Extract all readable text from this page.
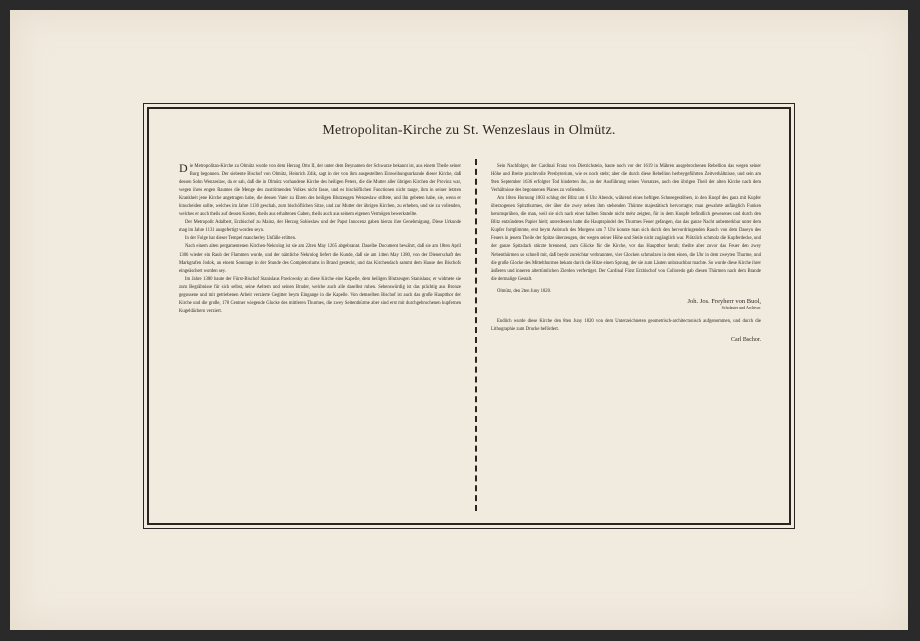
Metropolitan-Kirche zu St. Wenzeslaus in Olmütz.

Die Metropolitan-Kirche zu Olmütz wurde von dem Herzog Otto II, der unter dem Beynamen der Schwarze bekannt ist, aus einem Theile seiner Burg begonnen. Der siebente Bischof von Olmütz, Heinrich Zdik, sagt in der von ihm ausgestellten Einweihungsurkunde dieser Kirche, daß dessen Sohn Wenzeslaw, da er sah, daß die in Olmütz vorhandene Kirche des heiligen Peters, die die Mutter aller übrigen Kirchen der Provinz war, wegen ihres engen Raumes die Menge des zuströmenden Volkes nicht fasse, und es bischöflichen Functionen nicht tauge, ihm in seiner letzten Krankheit jene Kirche angetragen habe, die dessen Vater zu Ehren des heiligen Blutzeugen Wenzeslaw stiftete, und ihn gebeten habe, sie, wenn er hinscheiden sollte, welches im Jahre 1130 geschah, zum bischöflichen Sitze, und zur Mutter der übrigen Kirchen, zu erheben, und sie zu vollenden, welches er auch theils auf dessen Kosten, theils aus erhaltenen Gaben, theils auch aus seinem eigenen Vermögen bewerkstellte.

Der Metropolit Adalbert, Erzbischof zu Mainz, der Herzog Sobieslaw und der Papst Innocenz gaben hierzu ihre Genehmigung. Diese Urkunde mag im Jahre 1131 ausgefertigt worden seyn.

In der Folge hat dieser Tempel mancherley Unfälle erlitten.

Nach einem alten pergamentenen Kirchen-Nekrolog ist sie am 22ten May 1265 abgebrannt. Daselbe Document bewährt, daß sie am 18ten April 1306 wieder ein Raub der Flammen wurde, und der nämliche Nekrolog liefert die Kunde, daß sie am 14ten May 1380, von der Dienerschaft des Markgrafen Jodok, an einem Sonntage in der Stunde des Completoriums in Brand gesteckt, und das Kirchendach sammt dem Hause des Bischofs eingeäschert worden sey.

Im Jahre 1380 baute der Fürst-Bischof Stanislaus Pawlowsky an diese Kirche eine Kapelle, dem heiligen Blutzeugen Stanislaus; er widmete sie zum Begräbnisse für sich selbst, seine Aeltern und seinen Bruder, welche auch alle daselbst ruhen. Sehenswürdig ist das prächtig aus Bronze gegossene und mit getriebenen Arbeit verzierte Gegitter beym Eingange in die Kapelle. Von demselben Bischof ist auch das große Hauptthor der Kirche und die große, 178 Centner wiegende Glocke des mittleren Thurmes, die zwey Seitenthürme aber sind erst mit durchgebrochenen kupfernen Kugeldächern verziert.

Sein Nachfolger, der Cardinal Franz von Dietrichstein, baute noch vor der 1619 in Mähren ausgebrochenen Rebellion das wegen seiner Höhe und Breite prachtvolle Presbyterium, wie es noch steht; aber die durch diese Rebellion herbeygeführten Zeitverhältnisse, und sein am 9ten September 1636 erfolgter Tod hinderten ihn, an der Ausführung seines Vorsatzes, auch den übrigen Theil der alten Kirche nach dem Verhältnisse des begonnenen Planes zu vollenden.

Am 16ten Hornung 1803 schlug der Blitz um 6 Uhr Abends, während eines heftigen Schneegestöbers, in den Knopf des ganz mit Kupfer überzogenen Spitzthurmes, der über die zwey neben ihm stehenden Thürme majestätisch hervorragte; man gewahrte anfänglich Funken herumsprühen, die man, weil sie sich nach einer halben Stunde nicht mehr zeigten, für in dem Knopfe befindlich gewesenes und durch den Blitz entzündetes Papier hielt; unterdessen hatte die Hauptspindel des Thurmes Feuer gefangen, das das ganze Nacht unbemerkbar unter dem Kupfer fortglimmte, erst beym Anbruch des Morgens um 7 Uhr konnte man sich durch den hervordringenden Rauch von dem Daseyn des Feuers in jenem Theile der Spitze überzeugen, der wegen seiner Höhe und Steile nicht zugänglich war. Plötzlich schmolz die Kupferdecke, und der ganze Spitzdach stürzte brennend, zum Glücke für die Kirche, vor das Hauptthor herab; theilte aber zuvor das Feuer den zwey Nebenthürmen so schnell mit, daß beyde zureichtar verbrannten, vier Glocken schmolzen in dem einen, die Uhr in dem zweyten Thurme, und die große Glocke des Mittelthurmes bekam durch die Hitze einen Sprung, der sie zum Läuten unbrauchbar machte. So wurde diese Kirche ihrer äußeren und inneren altertümlichen Zierden verfertiget. Der Cardinal Fürst Erzbischof von Colloredo gab diesen Thürmen nach dem Brande die dermalige Gestalt.

Olmütz, den 2ten Juny 1820.

Joh. Jos. Freyherr von Buol,
Scholaster und Archivar.

Endlich wurde diese Kirche den 8ten Juny 1820 von dem Unterzeichneten geometrisch-architectonisch aufgenommen, und durch die Lithographie zum Drucke befördert.

Carl Bschor.
